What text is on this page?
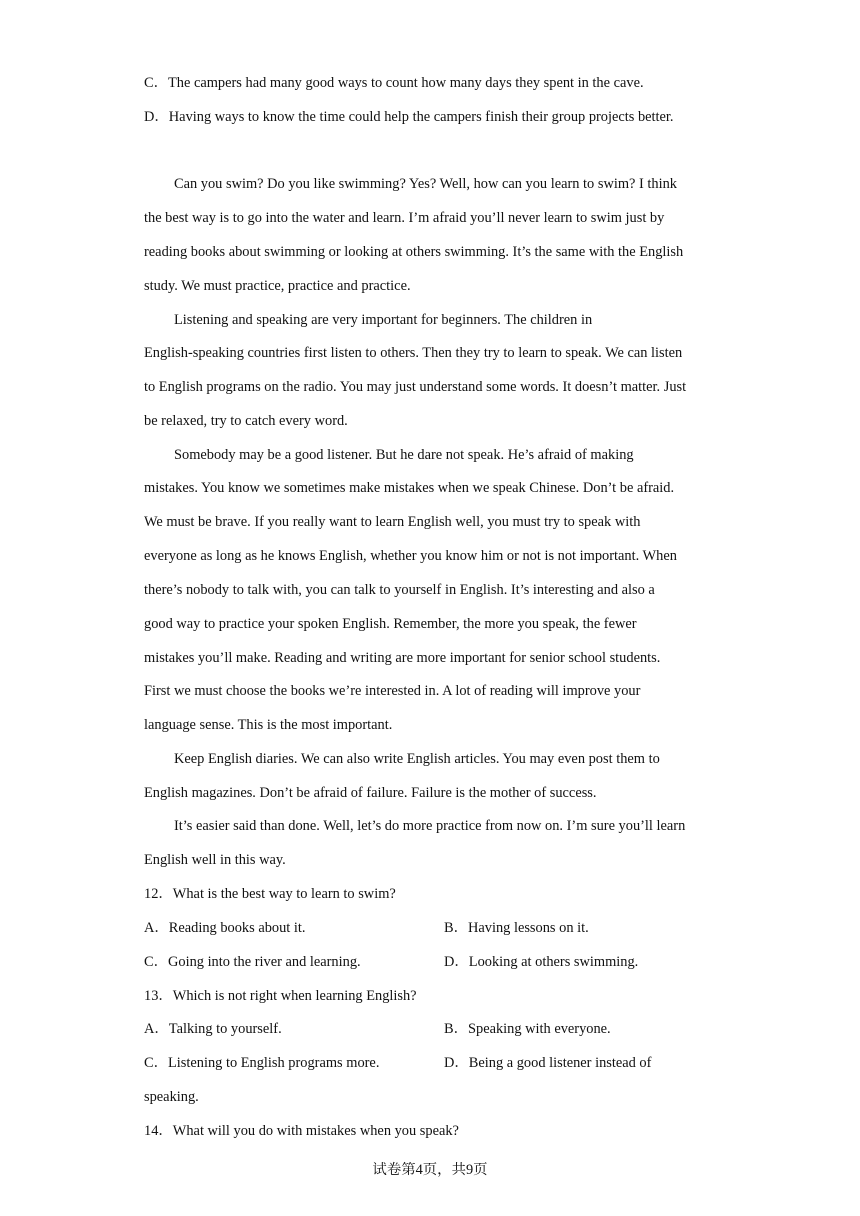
C．The campers had many good ways to count how many days they spent in the cave.
D．Having ways to know the time could help the campers finish their group projects better.
Can you swim? Do you like swimming? Yes? Well, how can you learn to swim? I think
the best way is to go into the water and learn. I’m afraid you’ll never learn to swim just by
reading books about swimming or looking at others swimming. It’s the same with the English
study. We must practice, practice and practice.
Listening and speaking are very important for beginners. The children in
English-speaking countries first listen to others. Then they try to learn to speak. We can listen
to English programs on the radio. You may just understand some words. It doesn’t matter. Just
be relaxed, try to catch every word.
Somebody may be a good listener. But he dare not speak. He’s afraid of making
mistakes. You know we sometimes make mistakes when we speak Chinese. Don’t be afraid.
We must be brave. If you really want to learn English well, you must try to speak with
everyone as long as he knows English, whether you know him or not is not important. When
there’s nobody to talk with, you can talk to yourself in English. It’s interesting and also a
good way to practice your spoken English. Remember, the more you speak, the fewer
mistakes you’ll make. Reading and writing are more important for senior school students.
First we must choose the books we’re interested in. A lot of reading will improve your
language sense. This is the most important.
Keep English diaries. We can also write English articles. You may even post them to
English magazines. Don’t be afraid of failure. Failure is the mother of success.
It’s easier said than done. Well, let’s do more practice from now on. I’m sure you’ll learn
English well in this way.
12．What is the best way to learn to swim?
A．Reading books about it.	B．Having lessons on it.
C．Going into the river and learning.	D．Looking at others swimming.
13．Which is not right when learning English?
A．Talking to yourself.	B．Speaking with everyone.
C．Listening to English programs more.	D．Being a good listener instead of
speaking.
14．What will you do with mistakes when you speak?
试卷第4页，共9页
